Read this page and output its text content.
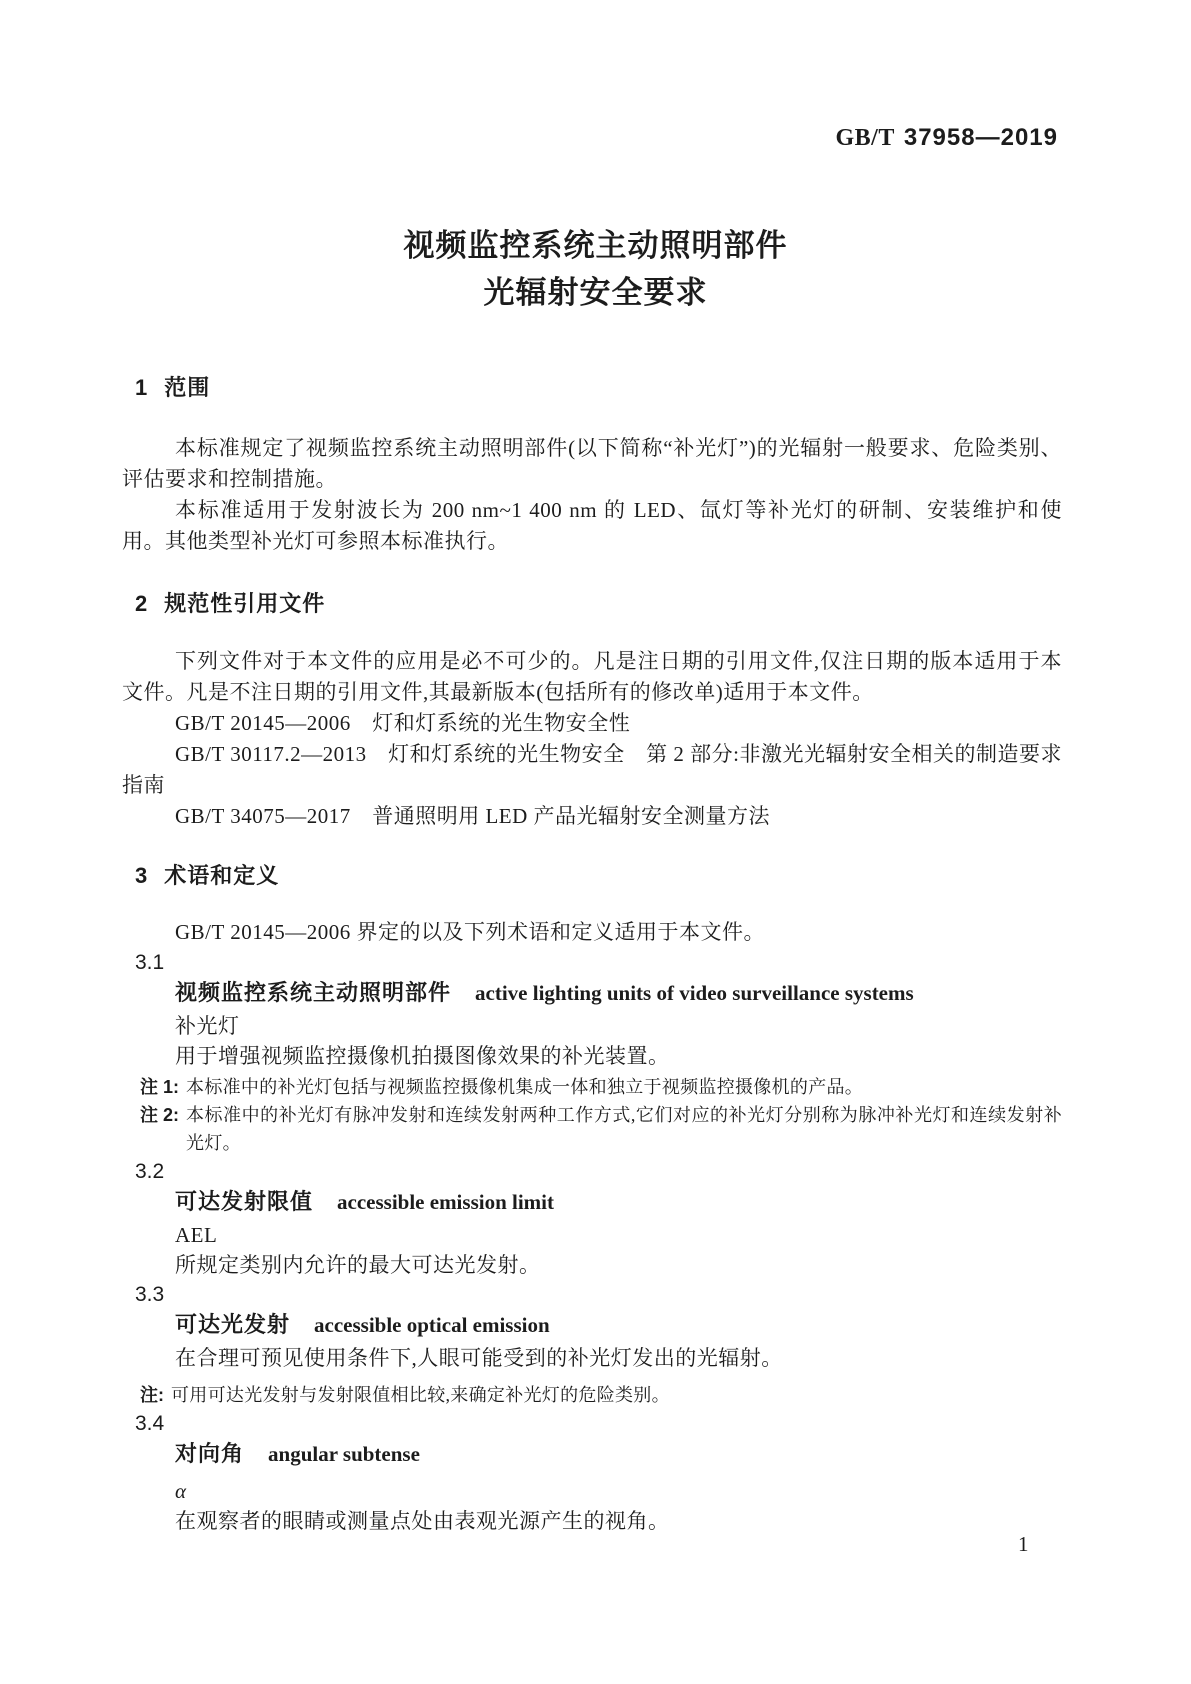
GB/T 37958—2019
视频监控系统主动照明部件
光辐射安全要求
1 范围

本标准规定了视频监控系统主动照明部件(以下简称“补光灯”)的光辐射一般要求、危险类别、评估要求和控制措施。

本标准适用于发射波长为 200 nm~1 400 nm 的 LED、氙灯等补光灯的研制、安装维护和使用。其他类型补光灯可参照本标准执行。

2 规范性引用文件

下列文件对于本文件的应用是必不可少的。凡是注日期的引用文件,仅注日期的版本适用于本文件。凡是不注日期的引用文件,其最新版本(包括所有的修改单)适用于本文件。

GB/T 20145—2006　灯和灯系统的光生物安全性

GB/T 30117.2—2013　灯和灯系统的光生物安全　第 2 部分:非激光光辐射安全相关的制造要求指南

GB/T 34075—2017　普通照明用 LED 产品光辐射安全测量方法

3 术语和定义

GB/T 20145—2006 界定的以及下列术语和定义适用于本文件。

3.1
视频监控系统主动照明部件 active lighting units of video surveillance systems
补光灯
用于增强视频监控摄像机拍摄图像效果的补光装置。
注 1: 本标准中的补光灯包括与视频监控摄像机集成一体和独立于视频监控摄像机的产品。
注 2: 本标准中的补光灯有脉冲发射和连续发射两种工作方式,它们对应的补光灯分别称为脉冲补光灯和连续发射补光灯。
3.2
可达发射限值 accessible emission limit
AEL
所规定类别内允许的最大可达光发射。
3.3
可达光发射 accessible optical emission
在合理可预见使用条件下,人眼可能受到的补光灯发出的光辐射。
注: 可用可达光发射与发射限值相比较,来确定补光灯的危险类别。
3.4
对向角 angular subtense
α
在观察者的眼睛或测量点处由表观光源产生的视角。
1
